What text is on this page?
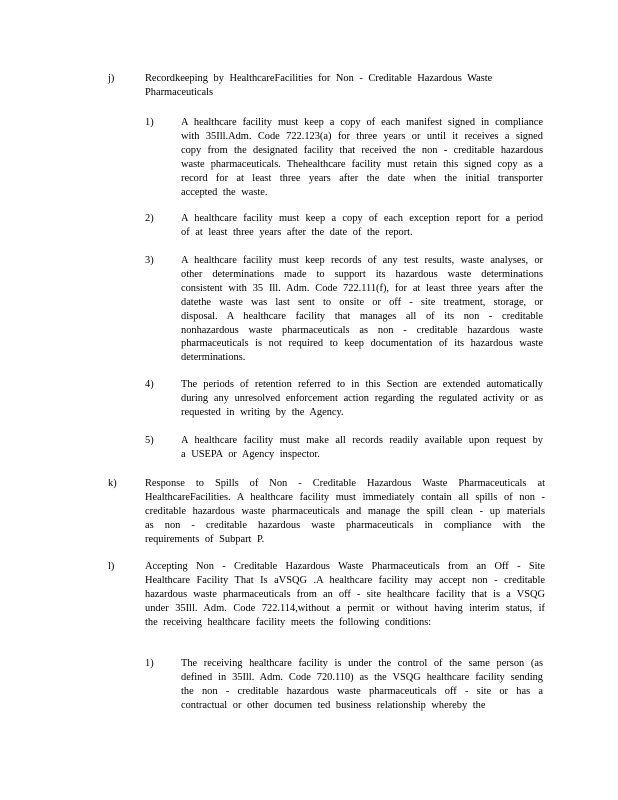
j)	Recordkeeping by HealthcareFacilities for Non - Creditable Hazardous Waste Pharmaceuticals
1)	A healthcare facility must keep a copy of each manifest signed in compliance with 35Ill.Adm. Code 722.123(a) for three years or until it receives a signed copy from the designated facility that received the non - creditable hazardous waste pharmaceuticals. Thehealthcare facility must retain this signed copy as a record for at least three years after the date when the initial transporter accepted the waste.
2)	A healthcare facility must keep a copy of each exception report for a period of at least three years after the date of the report.
3)	A healthcare facility must keep records of any test results, waste analyses, or other determinations made to support its hazardous waste determinations consistent with 35 Ill. Adm. Code 722.111(f), for at least three years after the datethe waste was last sent to onsite or off - site treatment, storage, or disposal. A healthcare facility that manages all of its non - creditable nonhazardous waste pharmaceuticals as non - creditable hazardous waste pharmaceuticals is not required to keep documentation of its hazardous waste determinations.
4)	The periods of retention referred to in this Section are extended automatically during any unresolved enforcement action regarding the regulated activity or as requested in writing by the Agency.
5)	A healthcare facility must make all records readily available upon request by a USEPA or Agency inspector.
k)	Response to Spills of Non - Creditable Hazardous Waste Pharmaceuticals at HealthcareFacilities. A healthcare facility must immediately contain all spills of non - creditable hazardous waste pharmaceuticals and manage the spill clean - up materials as non - creditable hazardous waste pharmaceuticals in compliance with the requirements of Subpart P.
l)	Accepting Non - Creditable Hazardous Waste Pharmaceuticals from an Off - Site Healthcare Facility That Is aVSQG .A healthcare facility may accept non - creditable hazardous waste pharmaceuticals from an off - site healthcare facility that is a VSQG under 35Ill. Adm. Code 722.114,without a permit or without having interim status, if the receiving healthcare facility meets the following conditions:
1)	The receiving healthcare facility is under the control of the same person (as defined in 35Ill. Adm. Code 720.110) as the VSQG healthcare facility sending the non - creditable hazardous waste pharmaceuticals off - site or has a contractual or other documen ted business relationship whereby the
